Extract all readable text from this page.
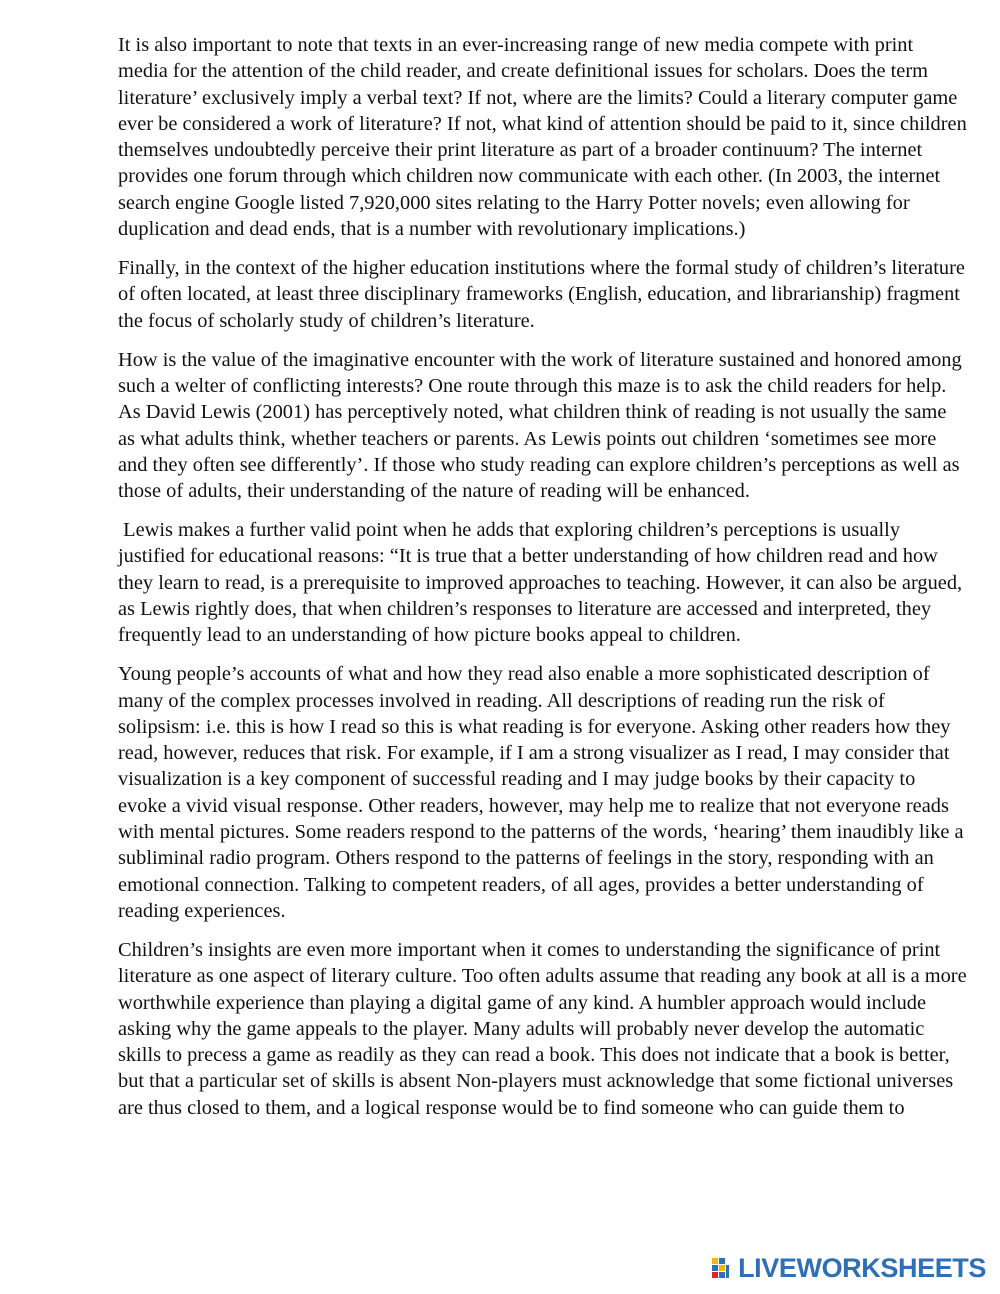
It is also important to note that texts in an ever-increasing range of new media compete with print media for the attention of the child reader, and create definitional issues for scholars. Does the term literature’ exclusively imply a verbal text? If not, where are the limits? Could a literary computer game ever be considered a work of literature? If not, what kind of attention should be paid to it, since children themselves undoubtedly perceive their print literature as part of a broader continuum? The internet provides one forum through which children now communicate with each other. (In 2003, the internet search engine Google listed 7,920,000 sites relating to the Harry Potter novels; even allowing for duplication and dead ends, that is a number with revolutionary implications.)

Finally, in the context of the higher education institutions where the formal study of children’s literature of often located, at least three disciplinary frameworks (English, education, and librarianship) fragment the focus of scholarly study of children’s literature.

How is the value of the imaginative encounter with the work of literature sustained and honored among such a welter of conflicting interests? One route through this maze is to ask the child readers for help. As David Lewis (2001) has perceptively noted, what children think of reading is not usually the same as what adults think, whether teachers or parents. As Lewis points out children ‘sometimes see more and they often see differently’. If those who study reading can explore children’s perceptions as well as those of adults, their understanding of the nature of reading will be enhanced.

Lewis makes a further valid point when he adds that exploring children’s perceptions is usually justified for educational reasons: “It is true that a better understanding of how children read and how they learn to read, is a prerequisite to improved approaches to teaching. However, it can also be argued, as Lewis rightly does, that when children’s responses to literature are accessed and interpreted, they frequently lead to an understanding of how picture books appeal to children.

Young people’s accounts of what and how they read also enable a more sophisticated description of many of the complex processes involved in reading. All descriptions of reading run the risk of solipsism: i.e. this is how I read so this is what reading is for everyone. Asking other readers how they read, however, reduces that risk. For example, if I am a strong visualizer as I read, I may consider that visualization is a key component of successful reading and I may judge books by their capacity to evoke a vivid visual response. Other readers, however, may help me to realize that not everyone reads with mental pictures. Some readers respond to the patterns of the words, ‘hearing’ them inaudibly like a subliminal radio program. Others respond to the patterns of feelings in the story, responding with an emotional connection. Talking to competent readers, of all ages, provides a better understanding of reading experiences.

Children’s insights are even more important when it comes to understanding the significance of print literature as one aspect of literary culture. Too often adults assume that reading any book at all is a more worthwhile experience than playing a digital game of any kind. A humbler approach would include asking why the game appeals to the player. Many adults will probably never develop the automatic skills to precess a game as readily as they can read a book. This does not indicate that a book is better, but that a particular set of skills is absent Non-players must acknowledge that some fictional universes are thus closed to them, and a logical response would be to find someone who can guide them to

LIVEWORKSHEETS
